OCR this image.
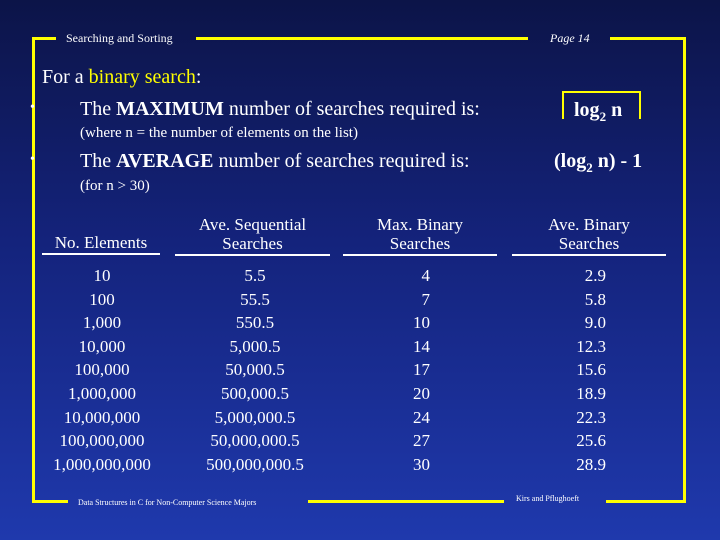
Searching and Sorting	Page 14
For a binary search:
• The MAXIMUM number of searches required is:
(where n = the number of elements on the list)
$\log_2 n$
• The AVERAGE number of searches required is:
(for n > 30)
($\log_2$ n) - 1
No. Elements
Ave. Sequential
Searches
Max. Binary
Searches
Ave. Binary
Searches
10
100
1,000
10,000
100,000
1,000,000
10,000,000
100,000,000
1,000,000,000
5.5
55.5
550.5
5,000.5
50,000.5
500,000.5
5,000,000.5
50,000,000.5
500,000,000.5
4
7
10
14
17
20
24
27
30
2.9
5.8
9.0
12.3
15.6
18.9
22.3
25.6
28.9
Data Structures in C for Non-Computer Science Majors	Kirs and Pflughoeft
